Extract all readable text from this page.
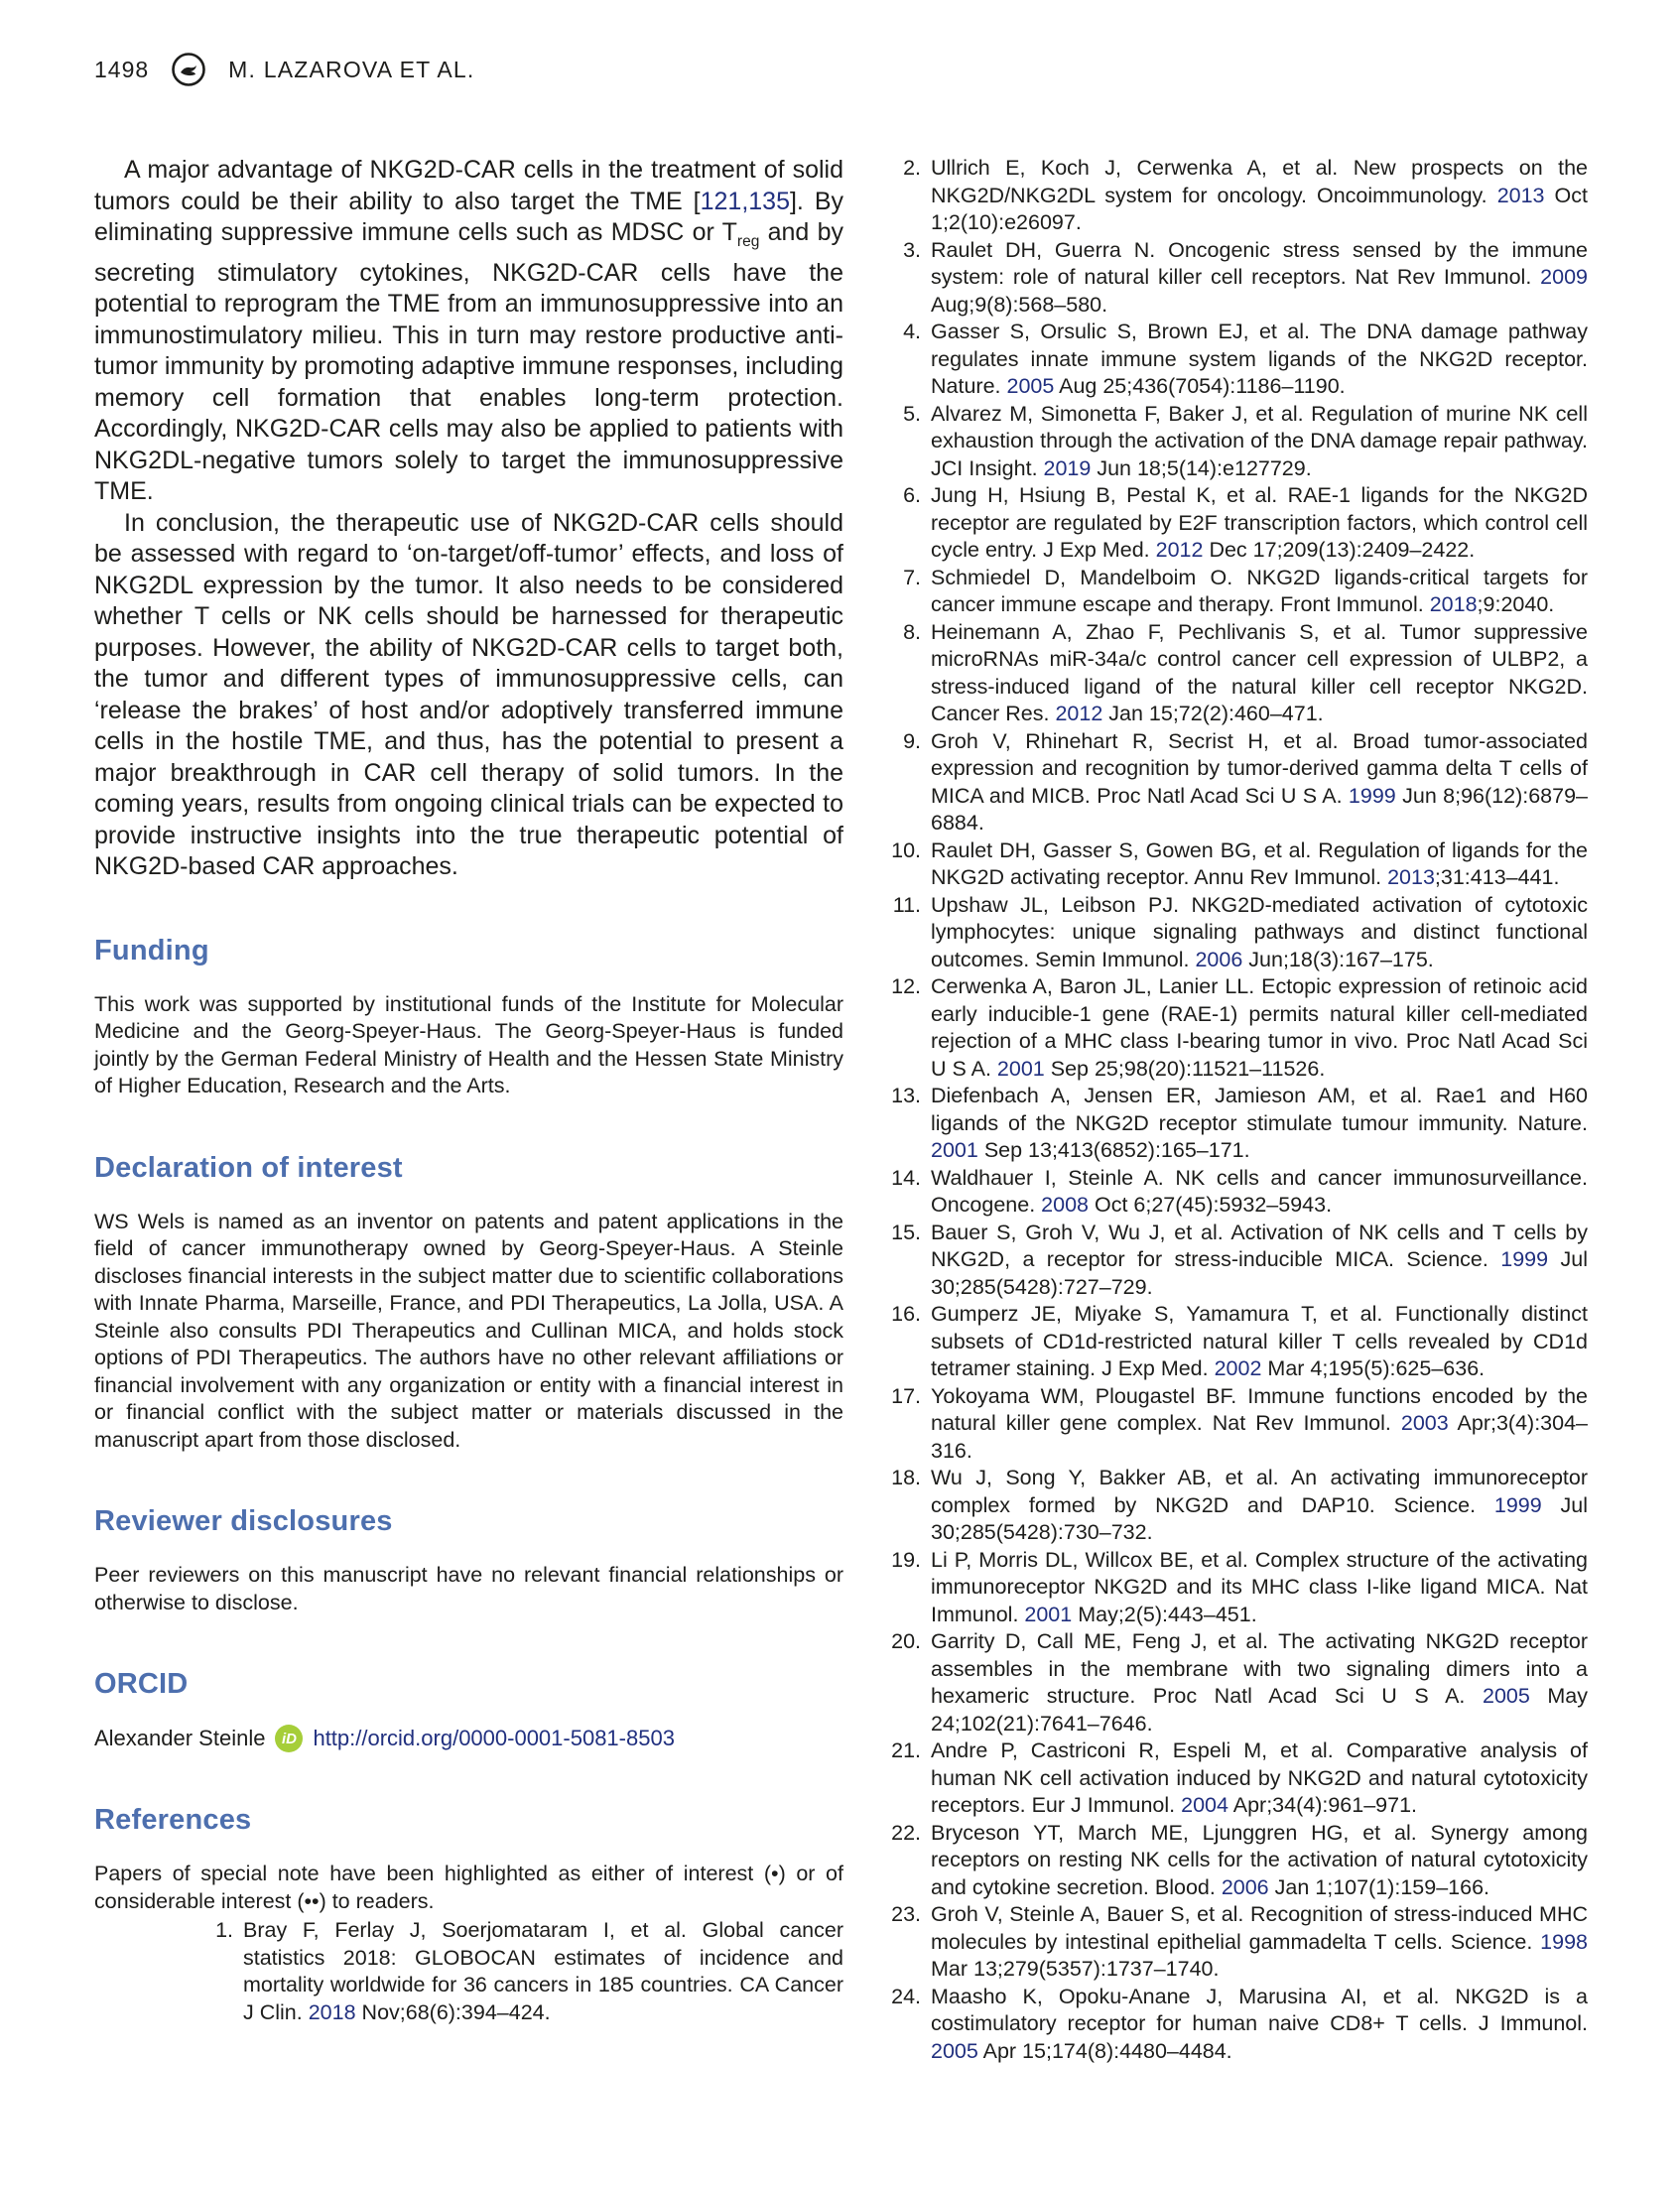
1498	M. LAZAROVA ET AL.

A major advantage of NKG2D-CAR cells in the treatment of solid tumors could be their ability to also target the TME [121,135]. By eliminating suppressive immune cells such as MDSC or $T_{reg}$ and by secreting stimulatory cytokines, NKG2D-CAR cells have the potential to reprogram the TME from an immunosuppressive into an immunostimulatory milieu. This in turn may restore productive anti-tumor immunity by promoting adaptive immune responses, including memory cell formation that enables long-term protection. Accordingly, NKG2D-CAR cells may also be applied to patients with NKG2DL-negative tumors solely to target the immunosuppressive TME.

In conclusion, the therapeutic use of NKG2D-CAR cells should be assessed with regard to ‘on-target/off-tumor’ effects, and loss of NKG2DL expression by the tumor. It also needs to be considered whether T cells or NK cells should be harnessed for therapeutic purposes. However, the ability of NKG2D-CAR cells to target both, the tumor and different types of immunosuppressive cells, can ‘release the brakes’ of host and/or adoptively transferred immune cells in the hostile TME, and thus, has the potential to present a major breakthrough in CAR cell therapy of solid tumors. In the coming years, results from ongoing clinical trials can be expected to provide instructive insights into the true therapeutic potential of NKG2D-based CAR approaches.

Funding

This work was supported by institutional funds of the Institute for Molecular Medicine and the Georg-Speyer-Haus. The Georg-Speyer-Haus is funded jointly by the German Federal Ministry of Health and the Hessen State Ministry of Higher Education, Research and the Arts.

Declaration of interest

WS Wels is named as an inventor on patents and patent applications in the field of cancer immunotherapy owned by Georg-Speyer-Haus. A Steinle discloses financial interests in the subject matter due to scientific collaborations with Innate Pharma, Marseille, France, and PDI Therapeutics, La Jolla, USA. A Steinle also consults PDI Therapeutics and Cullinan MICA, and holds stock options of PDI Therapeutics. The authors have no other relevant affiliations or financial involvement with any organization or entity with a financial interest in or financial conflict with the subject matter or materials discussed in the manuscript apart from those disclosed.

Reviewer disclosures

Peer reviewers on this manuscript have no relevant financial relationships or otherwise to disclose.

ORCID

Alexander Steinle	iD http://orcid.org/0000-0001-5081-8503

References

Papers of special note have been highlighted as either of interest (•) or of considerable interest (••) to readers.

1. Bray F, Ferlay J, Soerjomataram I, et al. Global cancer statistics 2018: GLOBOCAN estimates of incidence and mortality worldwide for 36 cancers in 185 countries. CA Cancer J Clin. 2018 Nov;68(6):394–424.
2. Ullrich E, Koch J, Cerwenka A, et al. New prospects on the NKG2D/NKG2DL system for oncology. Oncoimmunology. 2013 Oct 1;2(10):e26097.
3. Raulet DH, Guerra N. Oncogenic stress sensed by the immune system: role of natural killer cell receptors. Nat Rev Immunol. 2009 Aug;9(8):568–580.
4. Gasser S, Orsulic S, Brown EJ, et al. The DNA damage pathway regulates innate immune system ligands of the NKG2D receptor. Nature. 2005 Aug 25;436(7054):1186–1190.
5. Alvarez M, Simonetta F, Baker J, et al. Regulation of murine NK cell exhaustion through the activation of the DNA damage repair pathway. JCI Insight. 2019 Jun 18;5(14):e127729.
6. Jung H, Hsiung B, Pestal K, et al. RAE-1 ligands for the NKG2D receptor are regulated by E2F transcription factors, which control cell cycle entry. J Exp Med. 2012 Dec 17;209(13):2409–2422.
7. Schmiedel D, Mandelboim O. NKG2D ligands-critical targets for cancer immune escape and therapy. Front Immunol. 2018;9:2040.
8. Heinemann A, Zhao F, Pechlivanis S, et al. Tumor suppressive microRNAs miR-34a/c control cancer cell expression of ULBP2, a stress-induced ligand of the natural killer cell receptor NKG2D. Cancer Res. 2012 Jan 15;72(2):460–471.
9. Groh V, Rhinehart R, Secrist H, et al. Broad tumor-associated expression and recognition by tumor-derived gamma delta T cells of MICA and MICB. Proc Natl Acad Sci U S A. 1999 Jun 8;96(12):6879–6884.
10. Raulet DH, Gasser S, Gowen BG, et al. Regulation of ligands for the NKG2D activating receptor. Annu Rev Immunol. 2013;31:413–441.
11. Upshaw JL, Leibson PJ. NKG2D-mediated activation of cytotoxic lymphocytes: unique signaling pathways and distinct functional outcomes. Semin Immunol. 2006 Jun;18(3):167–175.
12. Cerwenka A, Baron JL, Lanier LL. Ectopic expression of retinoic acid early inducible-1 gene (RAE-1) permits natural killer cell-mediated rejection of a MHC class I-bearing tumor in vivo. Proc Natl Acad Sci U S A. 2001 Sep 25;98(20):11521–11526.
13. Diefenbach A, Jensen ER, Jamieson AM, et al. Rae1 and H60 ligands of the NKG2D receptor stimulate tumour immunity. Nature. 2001 Sep 13;413(6852):165–171.
14. Waldhauer I, Steinle A. NK cells and cancer immunosurveillance. Oncogene. 2008 Oct 6;27(45):5932–5943.
15. Bauer S, Groh V, Wu J, et al. Activation of NK cells and T cells by NKG2D, a receptor for stress-inducible MICA. Science. 1999 Jul 30;285(5428):727–729.
16. Gumperz JE, Miyake S, Yamamura T, et al. Functionally distinct subsets of CD1d-restricted natural killer T cells revealed by CD1d tetramer staining. J Exp Med. 2002 Mar 4;195(5):625–636.
17. Yokoyama WM, Plougastel BF. Immune functions encoded by the natural killer gene complex. Nat Rev Immunol. 2003 Apr;3(4):304–316.
18. Wu J, Song Y, Bakker AB, et al. An activating immunoreceptor complex formed by NKG2D and DAP10. Science. 1999 Jul 30;285(5428):730–732.
19. Li P, Morris DL, Willcox BE, et al. Complex structure of the activating immunoreceptor NKG2D and its MHC class I-like ligand MICA. Nat Immunol. 2001 May;2(5):443–451.
20. Garrity D, Call ME, Feng J, et al. The activating NKG2D receptor assembles in the membrane with two signaling dimers into a hexameric structure. Proc Natl Acad Sci U S A. 2005 May 24;102(21):7641–7646.
21. Andre P, Castriconi R, Espeli M, et al. Comparative analysis of human NK cell activation induced by NKG2D and natural cytotoxicity receptors. Eur J Immunol. 2004 Apr;34(4):961–971.
22. Bryceson YT, March ME, Ljunggren HG, et al. Synergy among receptors on resting NK cells for the activation of natural cytotoxicity and cytokine secretion. Blood. 2006 Jan 1;107(1):159–166.
23. Groh V, Steinle A, Bauer S, et al. Recognition of stress-induced MHC molecules by intestinal epithelial gammadelta T cells. Science. 1998 Mar 13;279(5357):1737–1740.
24. Maasho K, Opoku-Anane J, Marusina AI, et al. NKG2D is a costimulatory receptor for human naive CD8+ T cells. J Immunol. 2005 Apr 15;174(8):4480–4484.
